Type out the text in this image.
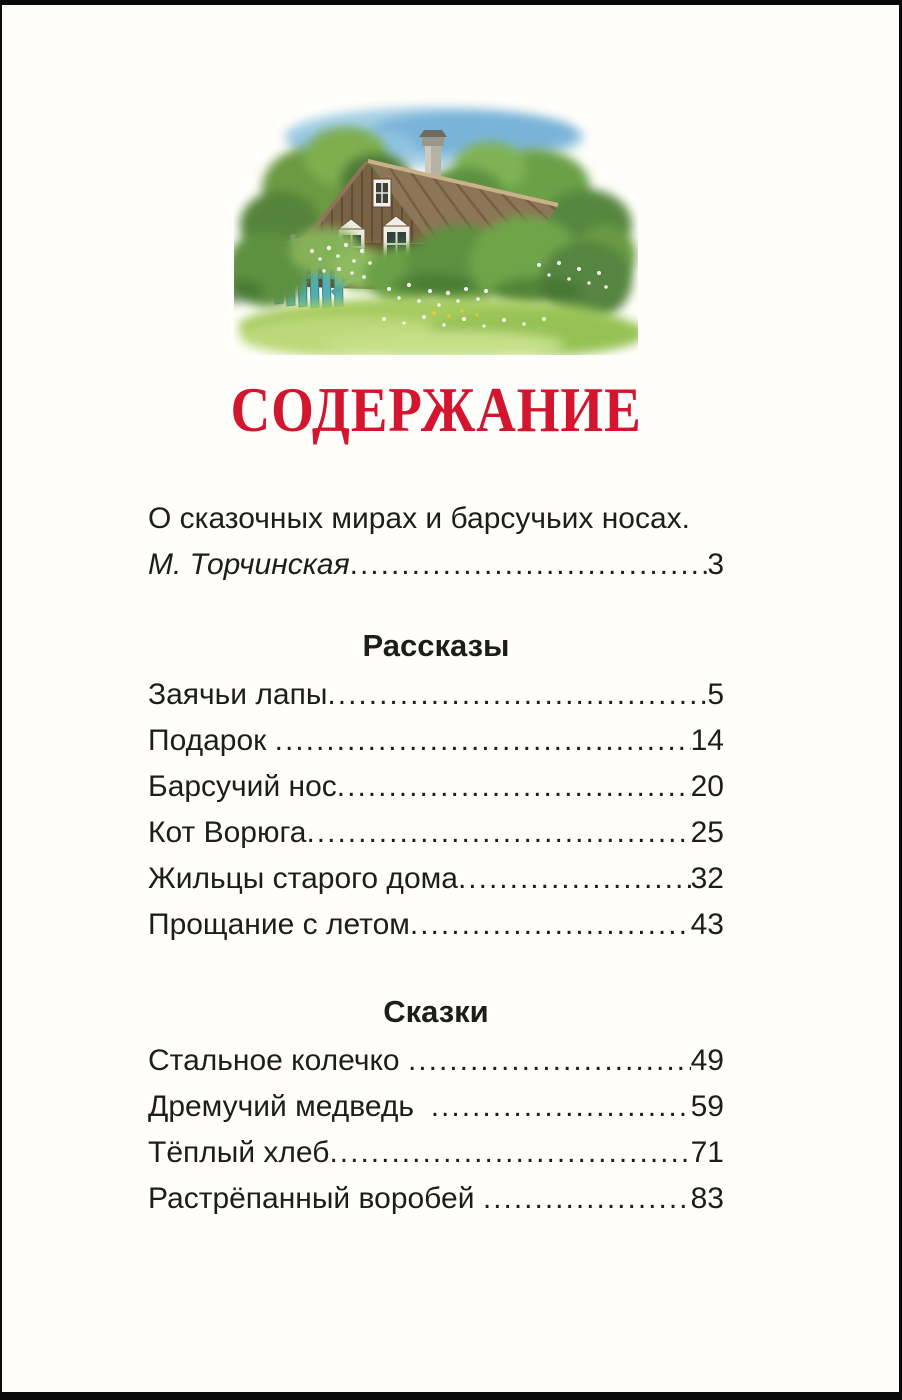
СОДЕРЖАНИЕ
О сказочных мирах и барсучьих носах.
М. Торчинская .....	3
Рассказы
Заячьи лапы .....	5
Подарок .....	14
Барсучий нос .....	20
Кот Ворюга .....	25
Жильцы старого дома .....	32
Прощание с летом .....	43
Сказки
Стальное колечко .....	49
Дремучий медведь .....	59
Тёплый хлеб .....	71
Растрёпанный воробей .....	83
